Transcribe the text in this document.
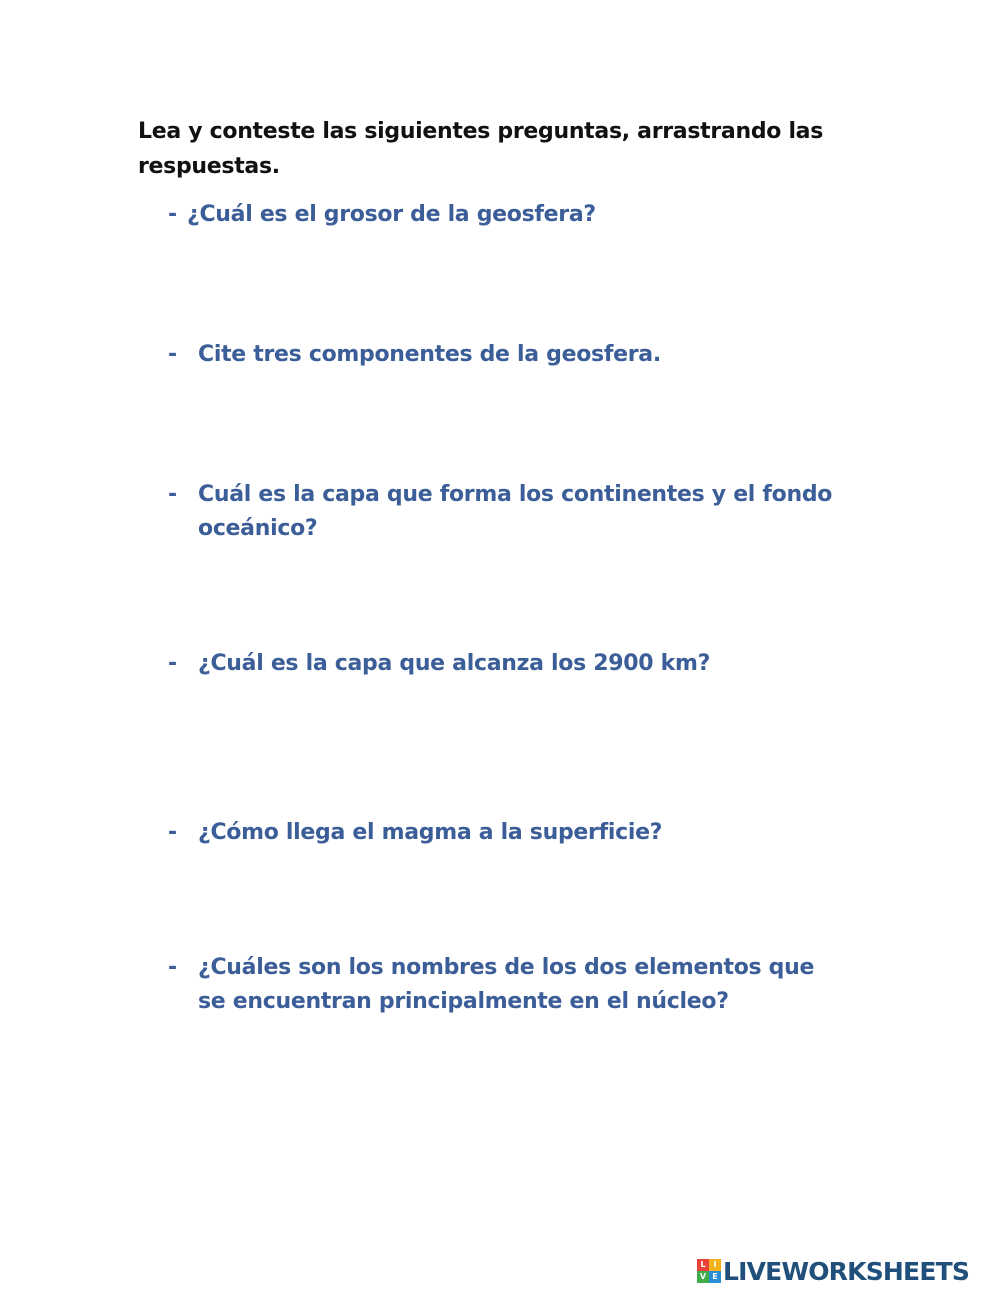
Lea y conteste las siguientes preguntas, arrastrando las respuestas.
- ¿Cuál es el grosor de la geosfera?
- Cite tres componentes de la geosfera.
- Cuál es la capa que forma los continentes y el fondo oceánico?
- ¿Cuál es la capa que alcanza los 2900 km?
- ¿Cómo llega el magma a la superficie?
- ¿Cuáles son los nombres de los dos elementos que se encuentran principalmente en el núcleo?
L I
V E LIVEWORKSHEETS
